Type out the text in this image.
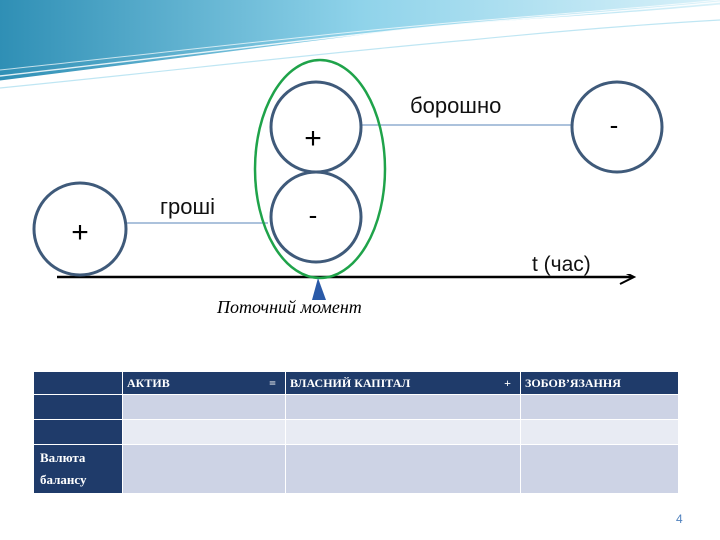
t (час)
+
+
-
-
гроші
борошно
Поточний момент

	АКТИВ =	ВЛАСНИЙ КАПІТАЛ +	ЗОБОВ’ЯЗАННЯ

Валюта
балансу			

4
